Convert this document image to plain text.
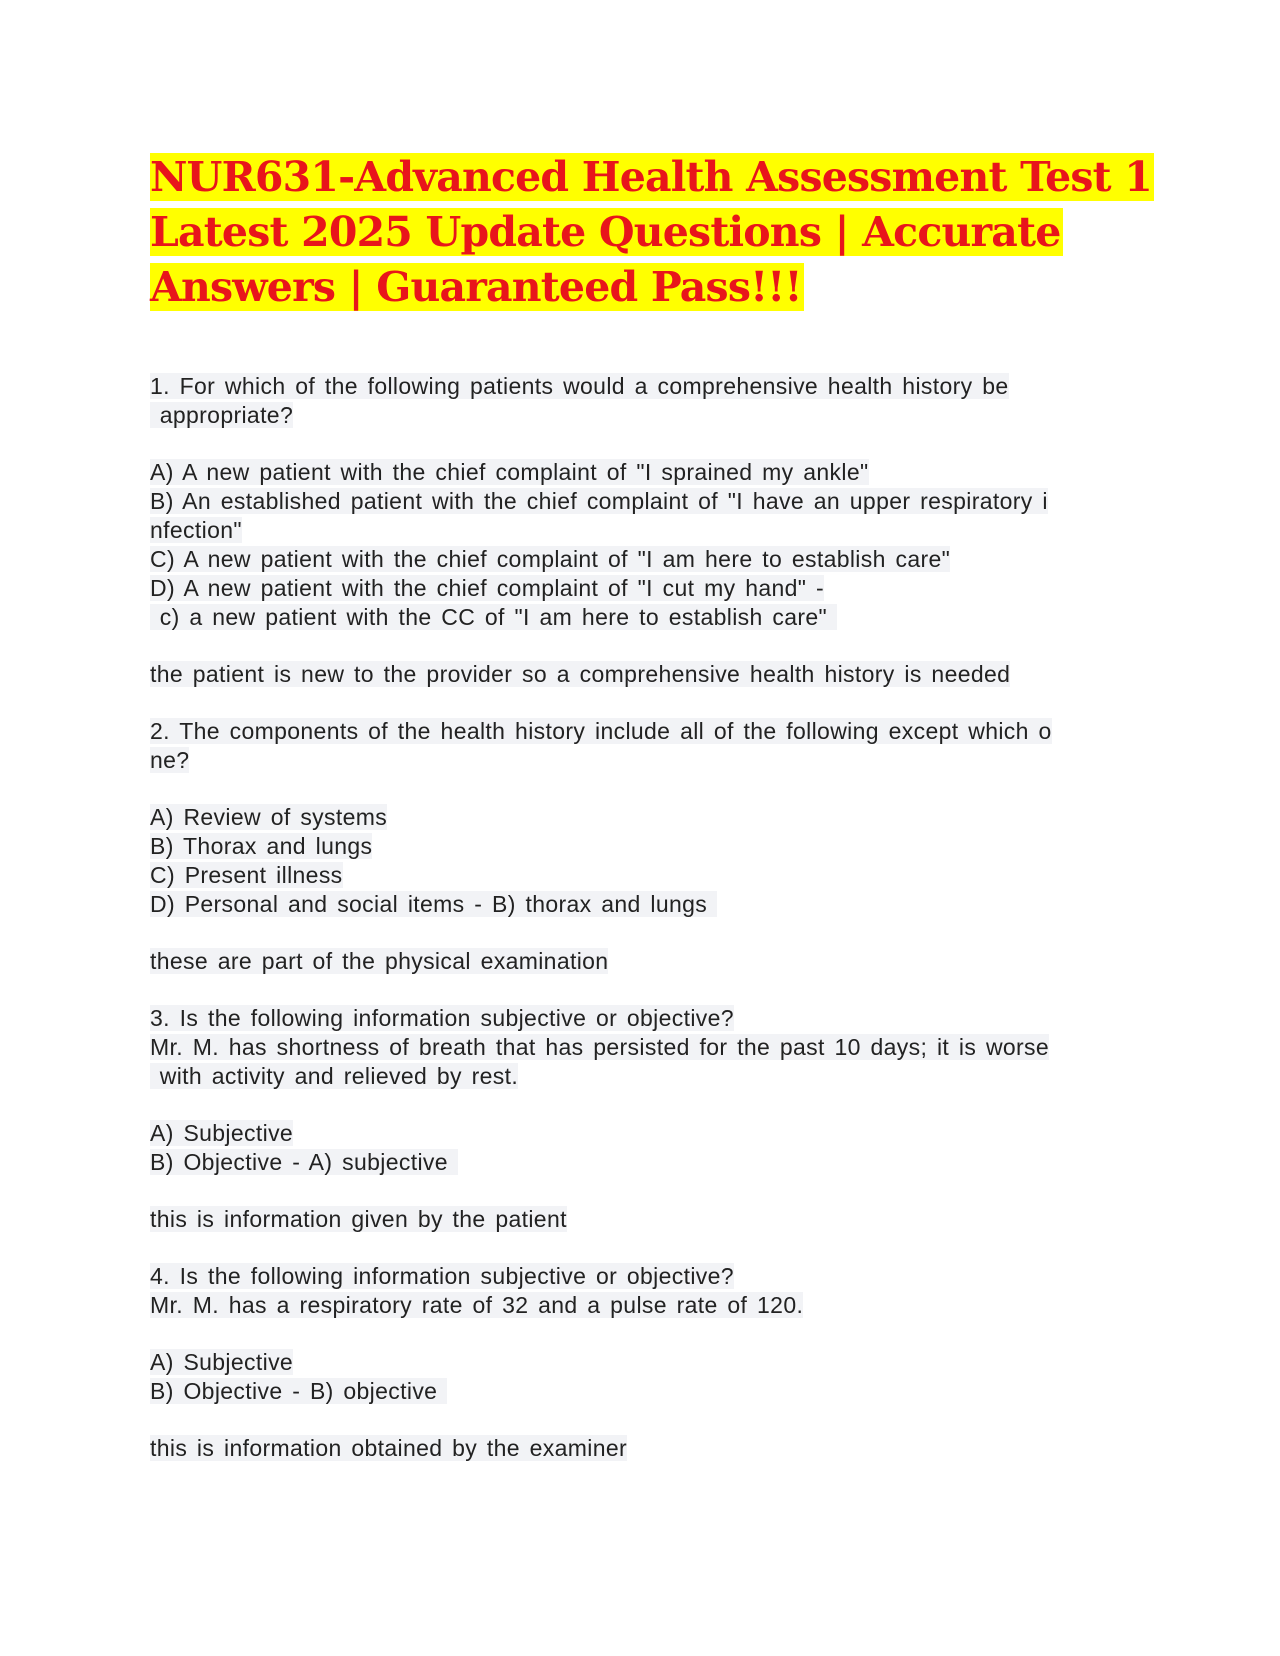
NUR631-Advanced Health Assessment Test 1
Latest 2025 Update Questions | Accurate
Answers | Guaranteed Pass!!!
1. For which of the following patients would a comprehensive health history be
appropriate?
A) A new patient with the chief complaint of "I sprained my ankle"
B) An established patient with the chief complaint of "I have an upper respiratory i
nfection"
C) A new patient with the chief complaint of "I am here to establish care"
D) A new patient with the chief complaint of "I cut my hand" -
c) a new patient with the CC of "I am here to establish care"
the patient is new to the provider so a comprehensive health history is needed
2. The components of the health history include all of the following except which o
ne?
A) Review of systems
B) Thorax and lungs
C) Present illness
D) Personal and social items - B) thorax and lungs
these are part of the physical examination
3. Is the following information subjective or objective?
Mr. M. has shortness of breath that has persisted for the past 10 days; it is worse
with activity and relieved by rest.
A) Subjective
B) Objective - A) subjective
this is information given by the patient
4. Is the following information subjective or objective?
Mr. M. has a respiratory rate of 32 and a pulse rate of 120.
A) Subjective
B) Objective - B) objective
this is information obtained by the examiner
